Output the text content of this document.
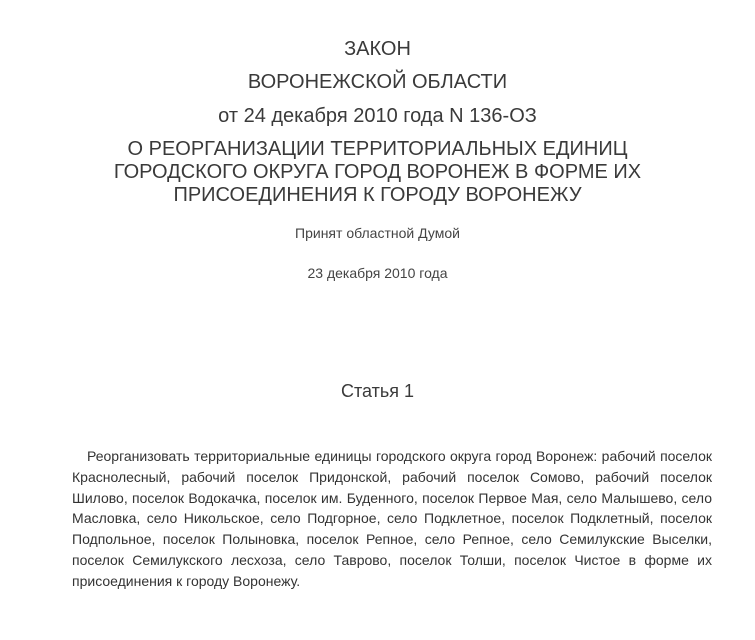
ЗАКОН
ВОРОНЕЖСКОЙ ОБЛАСТИ
от 24 декабря 2010 года N 136-ОЗ
О РЕОРГАНИЗАЦИИ ТЕРРИТОРИАЛЬНЫХ ЕДИНИЦ ГОРОДСКОГО ОКРУГА ГОРОД ВОРОНЕЖ В ФОРМЕ ИХ ПРИСОЕДИНЕНИЯ К ГОРОДУ ВОРОНЕЖУ
Принят областной Думой
23 декабря 2010 года
Статья 1

Реорганизовать территориальные единицы городского округа город Воронеж: рабочий поселок Краснолесный, рабочий поселок Придонской, рабочий поселок Сомово, рабочий поселок Шилово, поселок Водокачка, поселок им. Буденного, поселок Первое Мая, село Малышево, село Масловка, село Никольское, село Подгорное, село Подклетное, поселок Подклетный, поселок Подпольное, поселок Полыновка, поселок Репное, село Репное, село Семилукские Выселки, поселок Семилукского лесхоза, село Таврово, поселок Толши, поселок Чистое в форме их присоединения к городу Воронежу.
